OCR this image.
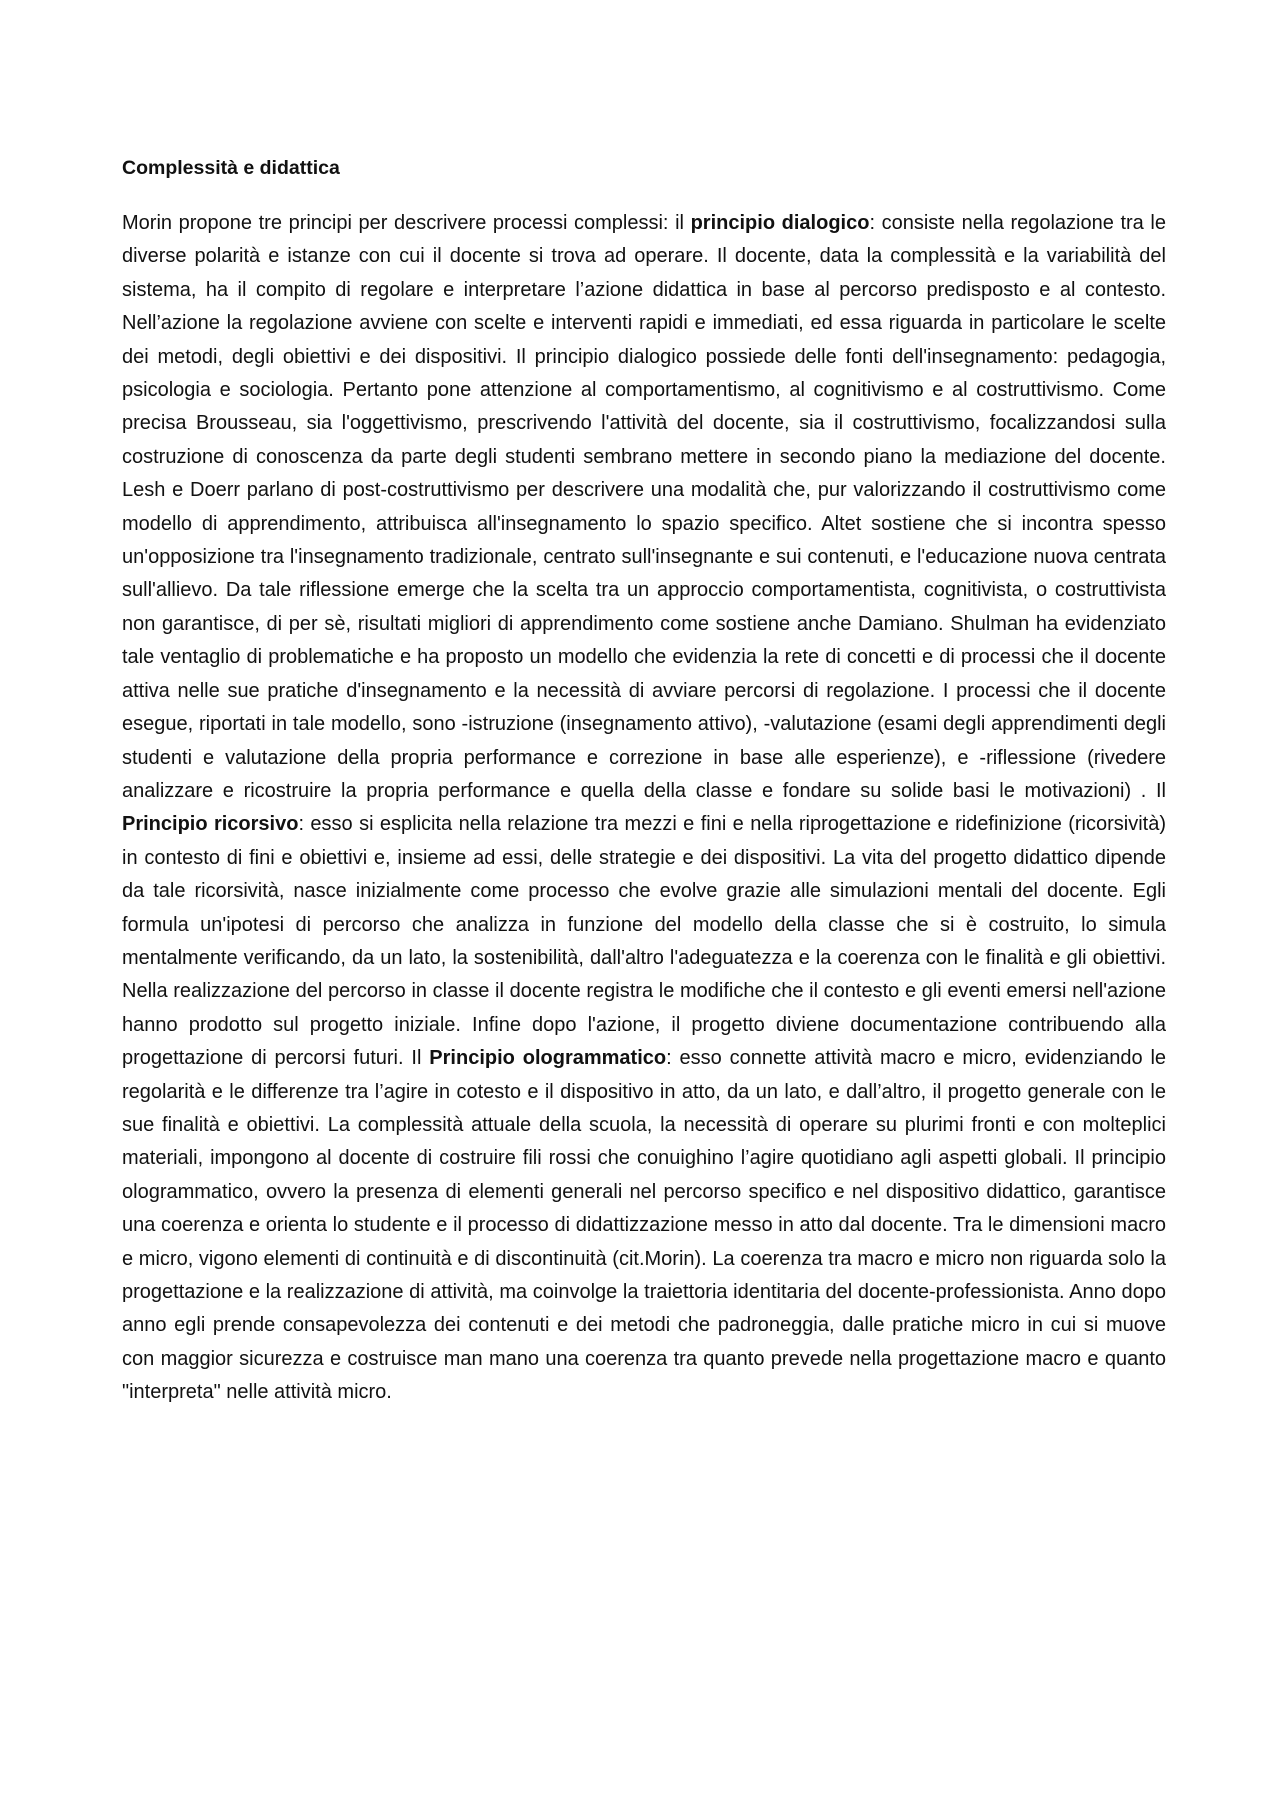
Complessità e didattica

Morin propone tre principi per descrivere processi complessi: il principio dialogico: consiste nella regolazione tra le diverse polarità e istanze con cui il docente si trova ad operare. Il docente, data la complessità e la variabilità del sistema, ha il compito di regolare e interpretare l’azione didattica in base al percorso predisposto e al contesto. Nell’azione la regolazione avviene con scelte e interventi rapidi e immediati, ed essa riguarda in particolare le scelte dei metodi, degli obiettivi e dei dispositivi. Il principio dialogico possiede delle fonti dell'insegnamento: pedagogia, psicologia e sociologia. Pertanto pone attenzione al comportamentismo, al cognitivismo e al costruttivismo. Come precisa Brousseau, sia l'oggettivismo, prescrivendo l'attività del docente, sia il costruttivismo, focalizzandosi sulla costruzione di conoscenza da parte degli studenti sembrano mettere in secondo piano la mediazione del docente. Lesh e Doerr parlano di post-costruttivismo per descrivere una modalità che, pur valorizzando il costruttivismo come modello di apprendimento, attribuisca all'insegnamento lo spazio specifico. Altet sostiene che si incontra spesso un'opposizione tra l'insegnamento tradizionale, centrato sull'insegnante e sui contenuti, e l'educazione nuova centrata sull'allievo. Da tale riflessione emerge che la scelta tra un approccio comportamentista, cognitivista, o costruttivista non garantisce, di per sè, risultati migliori di apprendimento come sostiene anche Damiano. Shulman ha evidenziato tale ventaglio di problematiche e ha proposto un modello che evidenzia la rete di concetti e di processi che il docente attiva nelle sue pratiche d'insegnamento e la necessità di avviare percorsi di regolazione. I processi che il docente esegue, riportati in tale modello, sono -istruzione (insegnamento attivo), -valutazione (esami degli apprendimenti degli studenti e valutazione della propria performance e correzione in base alle esperienze), e -riflessione (rivedere analizzare e ricostruire la propria performance e quella della classe e fondare su solide basi le motivazioni) . Il Principio ricorsivo: esso si esplicita nella relazione tra mezzi e fini e nella riprogettazione e ridefinizione (ricorsività) in contesto di fini e obiettivi e, insieme ad essi, delle strategie e dei dispositivi. La vita del progetto didattico dipende da tale ricorsività, nasce inizialmente come processo che evolve grazie alle simulazioni mentali del docente. Egli formula un'ipotesi di percorso che analizza in funzione del modello della classe che si è costruito, lo simula mentalmente verificando, da un lato, la sostenibilità, dall'altro l'adeguatezza e la coerenza con le finalità e gli obiettivi. Nella realizzazione del percorso in classe il docente registra le modifiche che il contesto e gli eventi emersi nell'azione hanno prodotto sul progetto iniziale. Infine dopo l'azione, il progetto diviene documentazione contribuendo alla progettazione di percorsi futuri. Il Principio ologrammatico: esso connette attività macro e micro, evidenziando le regolarità e le differenze tra l’agire in cotesto e il dispositivo in atto, da un lato, e dall’altro, il progetto generale con le sue finalità e obiettivi. La complessità attuale della scuola, la necessità di operare su plurimi fronti e con molteplici materiali, impongono al docente di costruire fili rossi che conuighino l’agire quotidiano agli aspetti globali. Il principio ologrammatico, ovvero la presenza di elementi generali nel percorso specifico e nel dispositivo didattico, garantisce una coerenza e orienta lo studente e il processo di didattizzazione messo in atto dal docente. Tra le dimensioni macro e micro, vigono elementi di continuità e di discontinuità (cit.Morin). La coerenza tra macro e micro non riguarda solo la progettazione e la realizzazione di attività, ma coinvolge la traiettoria identitaria del docente-professionista. Anno dopo anno egli prende consapevolezza dei contenuti e dei metodi che padroneggia, dalle pratiche micro in cui si muove con maggior sicurezza e costruisce man mano una coerenza tra quanto prevede nella progettazione macro e quanto "interpreta" nelle attività micro.
